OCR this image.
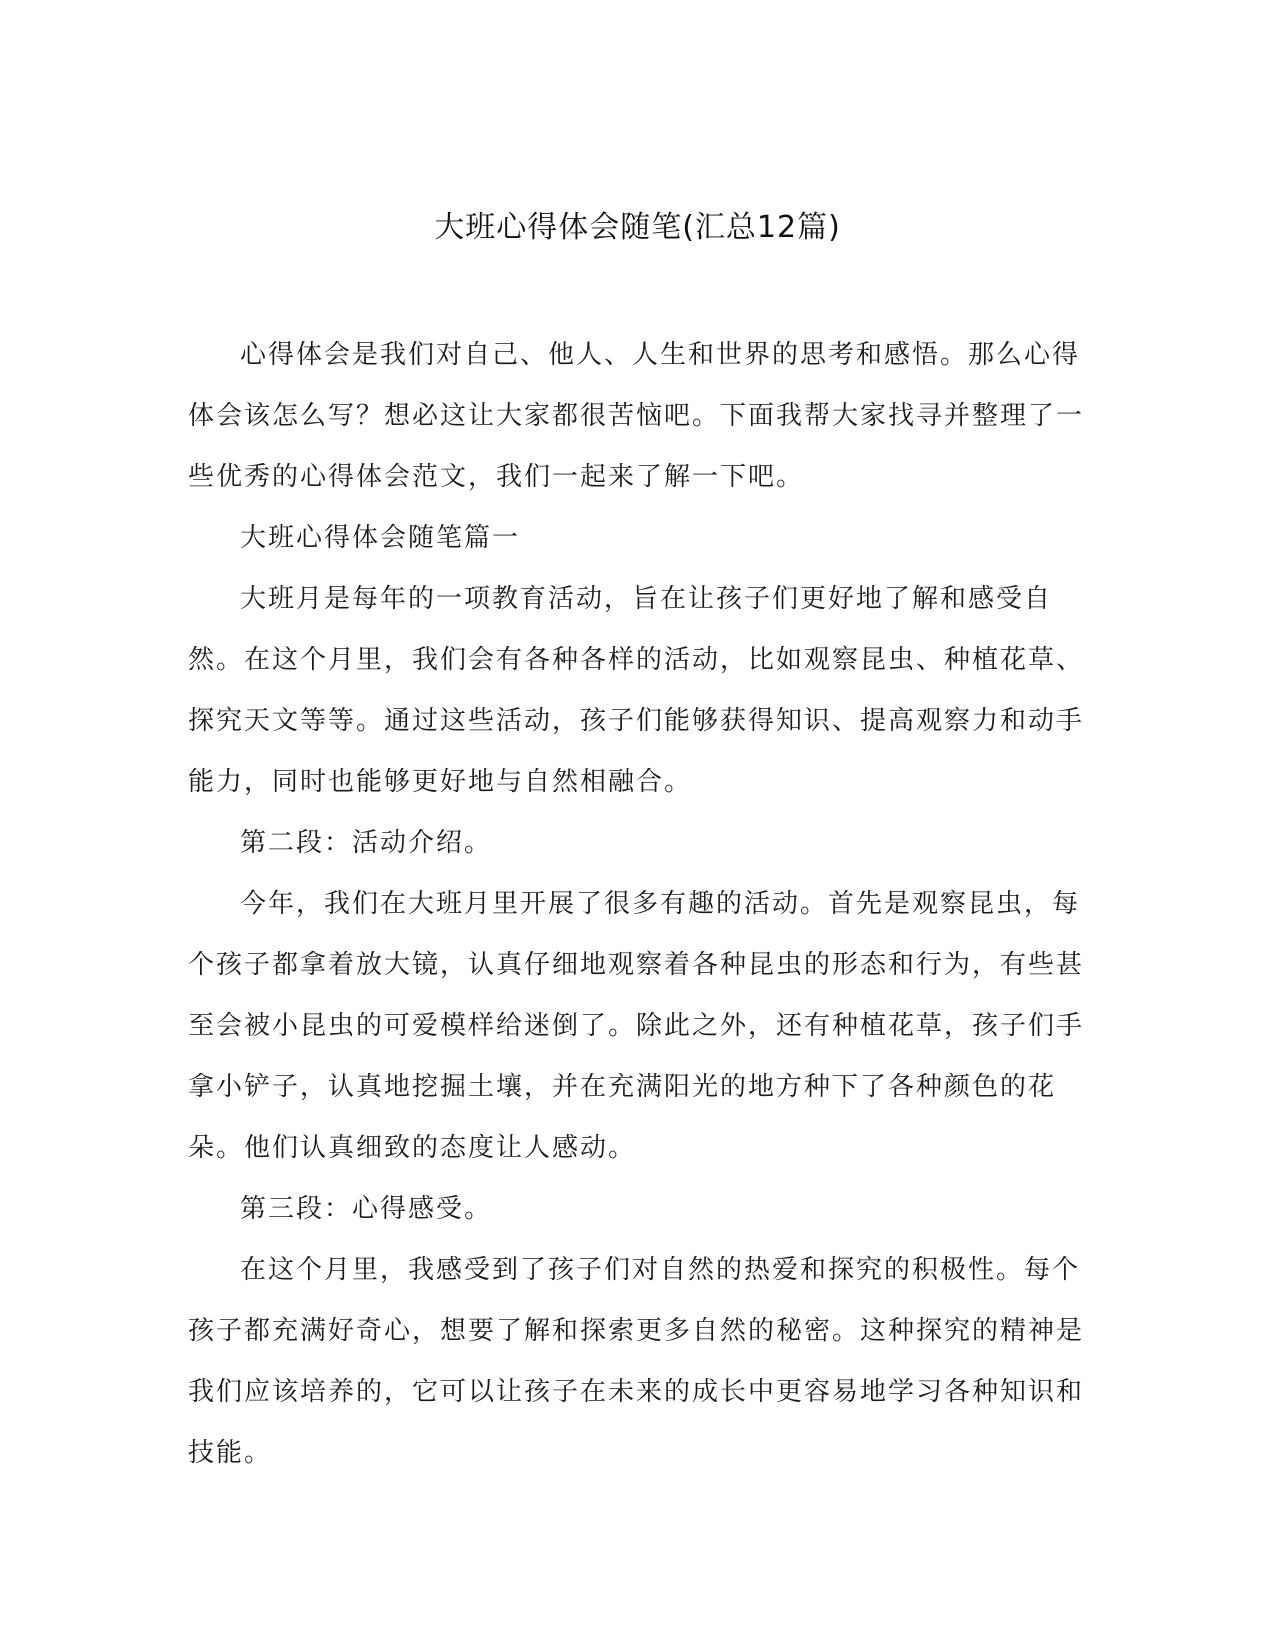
大班心得体会随笔(汇总12篇)

心得体会是我们对自己、他人、人生和世界的思考和感悟。那么心得体会该怎么写？想必这让大家都很苦恼吧。下面我帮大家找寻并整理了一些优秀的心得体会范文，我们一起来了解一下吧。

大班心得体会随笔篇一

大班月是每年的一项教育活动，旨在让孩子们更好地了解和感受自然。在这个月里，我们会有各种各样的活动，比如观察昆虫、种植花草、探究天文等等。通过这些活动，孩子们能够获得知识、提高观察力和动手能力，同时也能够更好地与自然相融合。

第二段：活动介绍。

今年，我们在大班月里开展了很多有趣的活动。首先是观察昆虫，每个孩子都拿着放大镜，认真仔细地观察着各种昆虫的形态和行为，有些甚至会被小昆虫的可爱模样给迷倒了。除此之外，还有种植花草，孩子们手拿小铲子，认真地挖掘土壤，并在充满阳光的地方种下了各种颜色的花朵。他们认真细致的态度让人感动。

第三段：心得感受。

在这个月里，我感受到了孩子们对自然的热爱和探究的积极性。每个孩子都充满好奇心，想要了解和探索更多自然的秘密。这种探究的精神是我们应该培养的，它可以让孩子在未来的成长中更容易地学习各种知识和技能。
